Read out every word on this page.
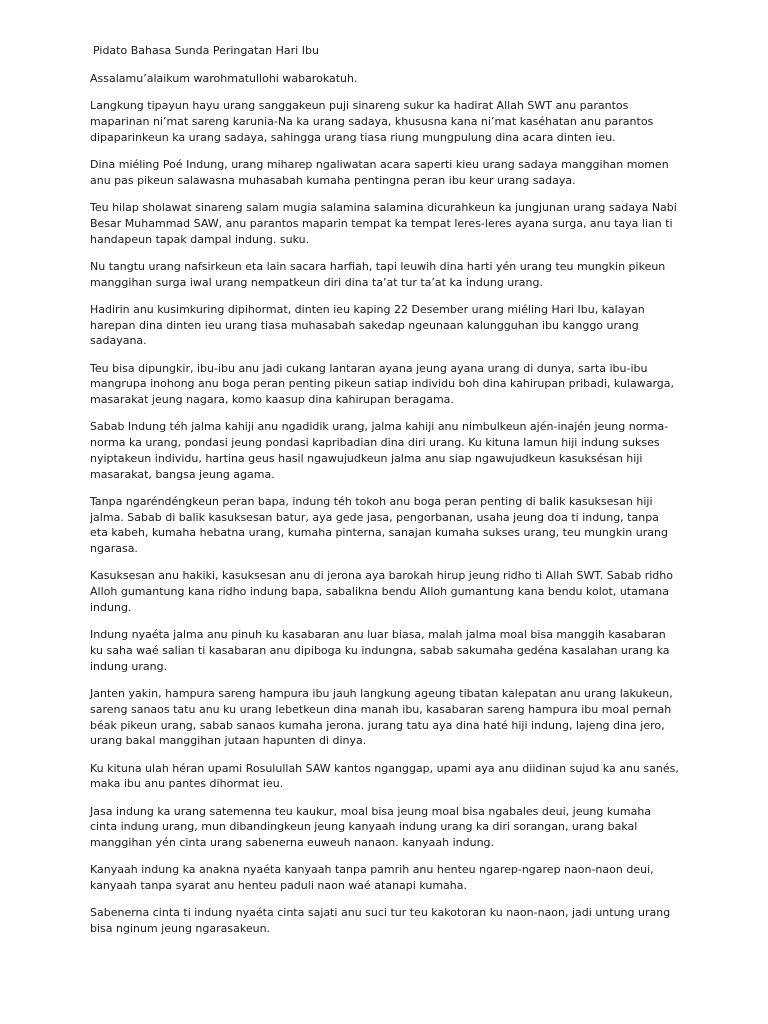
Pidato Bahasa Sunda Peringatan Hari Ibu

Assalamu’alaikum warohmatullohi wabarokatuh.

Langkung tipayun hayu urang sanggakeun puji sinareng sukur ka hadirat Allah SWT anu parantos maparinan ni’mat sareng karunia-Na ka urang sadaya, khususna kana ni’mat kaséhatan anu parantos dipaparinkeun ka urang sadaya, sahingga urang tiasa riung mungpulung dina acara dinten ieu.

Dina miéling Poé Indung, urang miharep ngaliwatan acara saperti kieu urang sadaya manggihan momen anu pas pikeun salawasna muhasabah kumaha pentingna peran ibu keur urang sadaya.

Teu hilap sholawat sinareng salam mugia salamina salamina dicurahkeun ka jungjunan urang sadaya Nabi Besar Muhammad SAW, anu parantos maparin tempat ka tempat leres-leres ayana surga, anu taya lian ti handapeun tapak dampal indung. suku.

Nu tangtu urang nafsirkeun eta lain sacara harfiah, tapi leuwih dina harti yén urang teu mungkin pikeun manggihan surga iwal urang nempatkeun diri dina ta’at tur ta’at ka indung urang.

Hadirin anu kusimkuring dipihormat, dinten ieu kaping 22 Desember urang miéling Hari Ibu, kalayan harepan dina dinten ieu urang tiasa muhasabah sakedap ngeunaan kalungguhan ibu kanggo urang sadayana.

Teu bisa dipungkir, ibu-ibu anu jadi cukang lantaran ayana jeung ayana urang di dunya, sarta ibu-ibu mangrupa inohong anu boga peran penting pikeun satiap individu boh dina kahirupan pribadi, kulawarga, masarakat jeung nagara, komo kaasup dina kahirupan beragama.

Sabab Indung téh jalma kahiji anu ngadidik urang, jalma kahiji anu nimbulkeun ajén-inajén jeung norma-norma ka urang, pondasi jeung pondasi kapribadian dina diri urang. Ku kituna lamun hiji indung sukses nyiptakeun individu, hartina geus hasil ngawujudkeun jalma anu siap ngawujudkeun kasuksésan hiji masarakat, bangsa jeung agama.

Tanpa ngaréndéngkeun peran bapa, indung téh tokoh anu boga peran penting di balik kasuksesan hiji jalma. Sabab di balik kasuksesan batur, aya gede jasa, pengorbanan, usaha jeung doa ti indung, tanpa eta kabeh, kumaha hebatna urang, kumaha pinterna, sanajan kumaha sukses urang, teu mungkin urang ngarasa.

Kasuksesan anu hakiki, kasuksesan anu di jerona aya barokah hirup jeung ridho ti Allah SWT. Sabab ridho Alloh gumantung kana ridho indung bapa, sabalikna bendu Alloh gumantung kana bendu kolot, utamana indung.

Indung nyaéta jalma anu pinuh ku kasabaran anu luar biasa, malah jalma moal bisa manggih kasabaran ku saha waé salian ti kasabaran anu dipiboga ku indungna, sabab sakumaha gedéna kasalahan urang ka indung urang.

Janten yakin, hampura sareng hampura ibu jauh langkung ageung tibatan kalepatan anu urang lakukeun, sareng sanaos tatu anu ku urang lebetkeun dina manah ibu, kasabaran sareng hampura ibu moal pernah béak pikeun urang, sabab sanaos kumaha jerona. jurang tatu aya dina haté hiji indung, lajeng dina jero, urang bakal manggihan jutaan hapunten di dinya.

Ku kituna ulah héran upami Rosulullah SAW kantos nganggap, upami aya anu diidinan sujud ka anu sanés, maka ibu anu pantes dihormat ieu.

Jasa indung ka urang satemenna teu kaukur, moal bisa jeung moal bisa ngabales deui, jeung kumaha cinta indung urang, mun dibandingkeun jeung kanyaah indung urang ka diri sorangan, urang bakal manggihan yén cinta urang sabenerna euweuh nanaon. kanyaah indung.

Kanyaah indung ka anakna nyaéta kanyaah tanpa pamrih anu henteu ngarep-ngarep naon-naon deui, kanyaah tanpa syarat anu henteu paduli naon waé atanapi kumaha.

Sabenerna cinta ti indung nyaéta cinta sajati anu suci tur teu kakotoran ku naon-naon, jadi untung urang bisa nginum jeung ngarasakeun.
